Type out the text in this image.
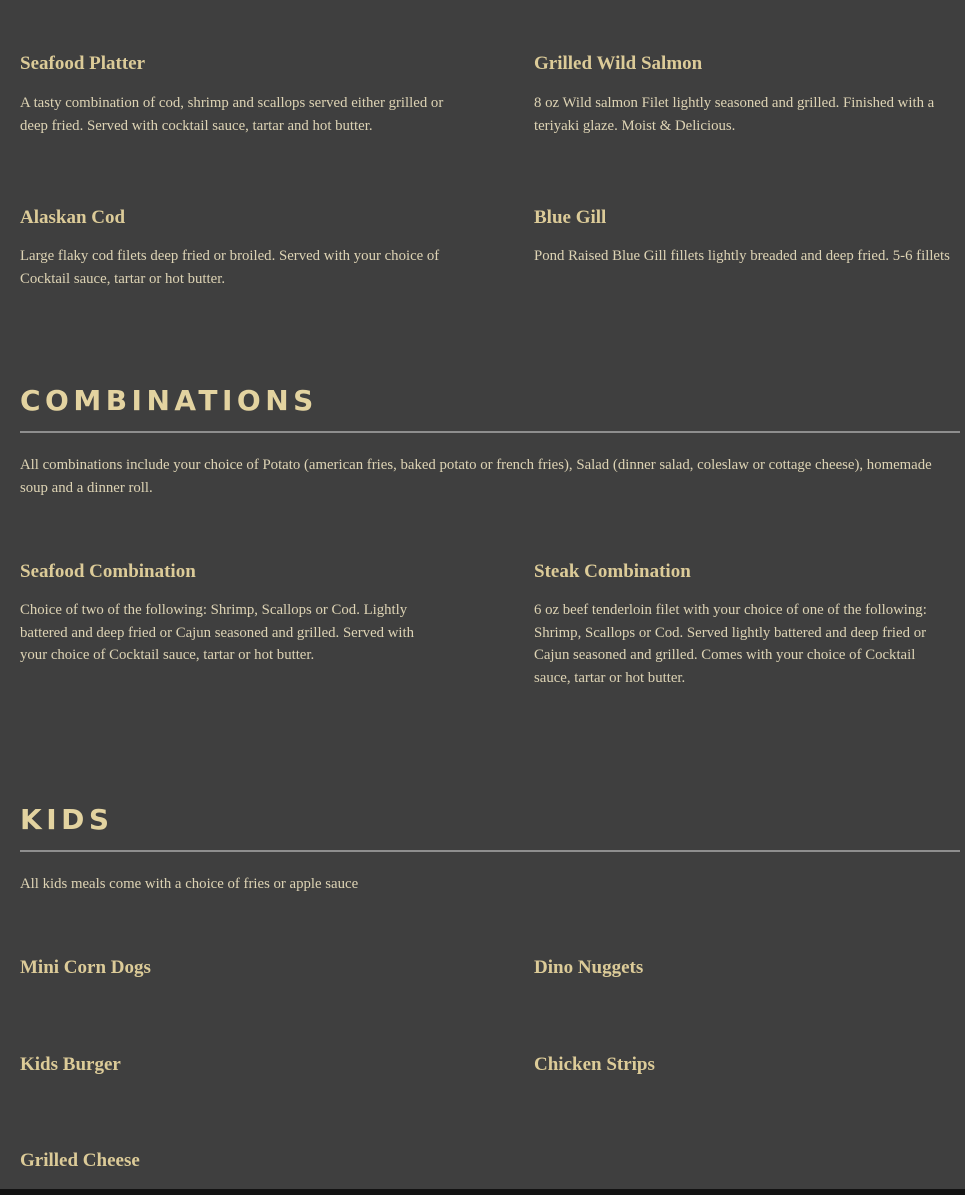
Seafood Platter

A tasty combination of cod, shrimp and scallops served either grilled or deep fried. Served with cocktail sauce, tartar and hot butter.

Grilled Wild Salmon

8 oz Wild salmon Filet lightly seasoned and grilled. Finished with a teriyaki glaze. Moist & Delicious.

Alaskan Cod

Large flaky cod filets deep fried or broiled. Served with your choice of Cocktail sauce, tartar or hot butter.

Blue Gill

Pond Raised Blue Gill fillets lightly breaded and deep fried. 5-6 fillets

COMBINATIONS

All combinations include your choice of Potato (american fries, baked potato or french fries), Salad (dinner salad, coleslaw or cottage cheese), homemade soup and a dinner roll.

Seafood Combination

Choice of two of the following: Shrimp, Scallops or Cod. Lightly battered and deep fried or Cajun seasoned and grilled. Served with your choice of Cocktail sauce, tartar or hot butter.

Steak Combination

6 oz beef tenderloin filet with your choice of one of the following: Shrimp, Scallops or Cod. Served lightly battered and deep fried or Cajun seasoned and grilled. Comes with your choice of Cocktail sauce, tartar or hot butter.

KIDS

All kids meals come with a choice of fries or apple sauce

Mini Corn Dogs	Dino Nuggets
Kids Burger	Chicken Strips
Grilled Cheese
